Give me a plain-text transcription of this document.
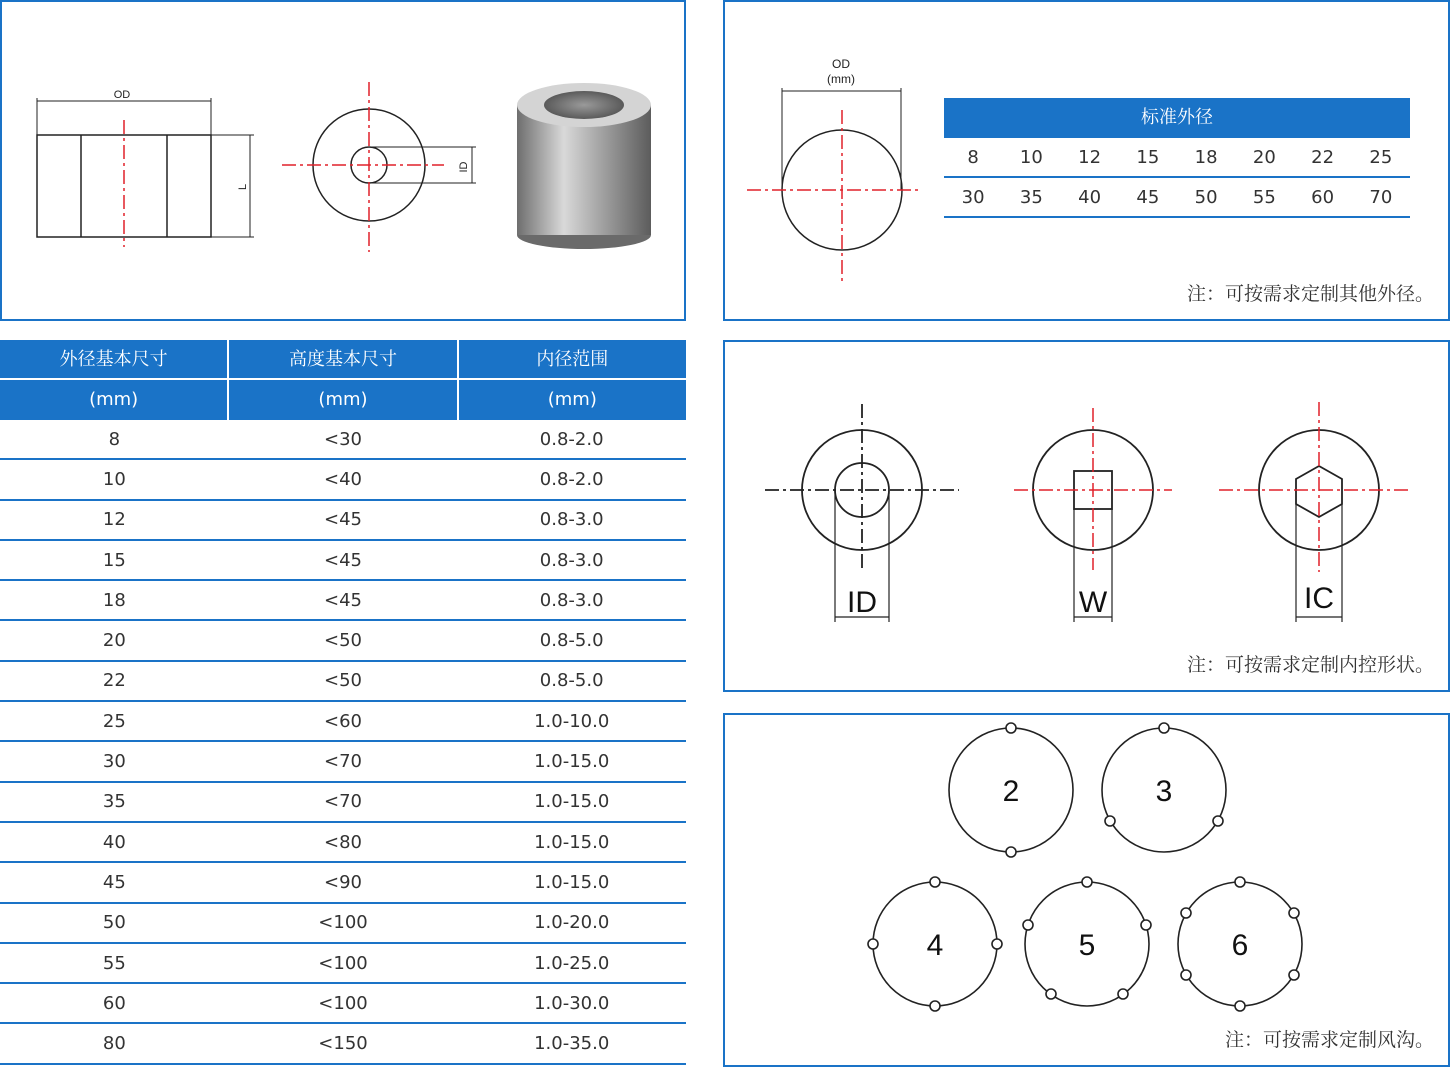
OD
L
ID
OD
(mm)
标准外径
8	10	12	15	18	20	22	25
30	35	40	45	50	55	60	70
注：可按需求定制其他外径。
ID	W	IC
注：可按需求定制内控形状。
2	3
4	5	6
注：可按需求定制风沟。
外径基本尺寸	高度基本尺寸	内径范围
(mm)	(mm)	(mm)
8	<30	0.8-2.0
10	<40	0.8-2.0
12	<45	0.8-3.0
15	<45	0.8-3.0
18	<45	0.8-3.0
20	<50	0.8-5.0
22	<50	0.8-5.0
25	<60	1.0-10.0
30	<70	1.0-15.0
35	<70	1.0-15.0
40	<80	1.0-15.0
45	<90	1.0-15.0
50	<100	1.0-20.0
55	<100	1.0-25.0
60	<100	1.0-30.0
80	<150	1.0-35.0
